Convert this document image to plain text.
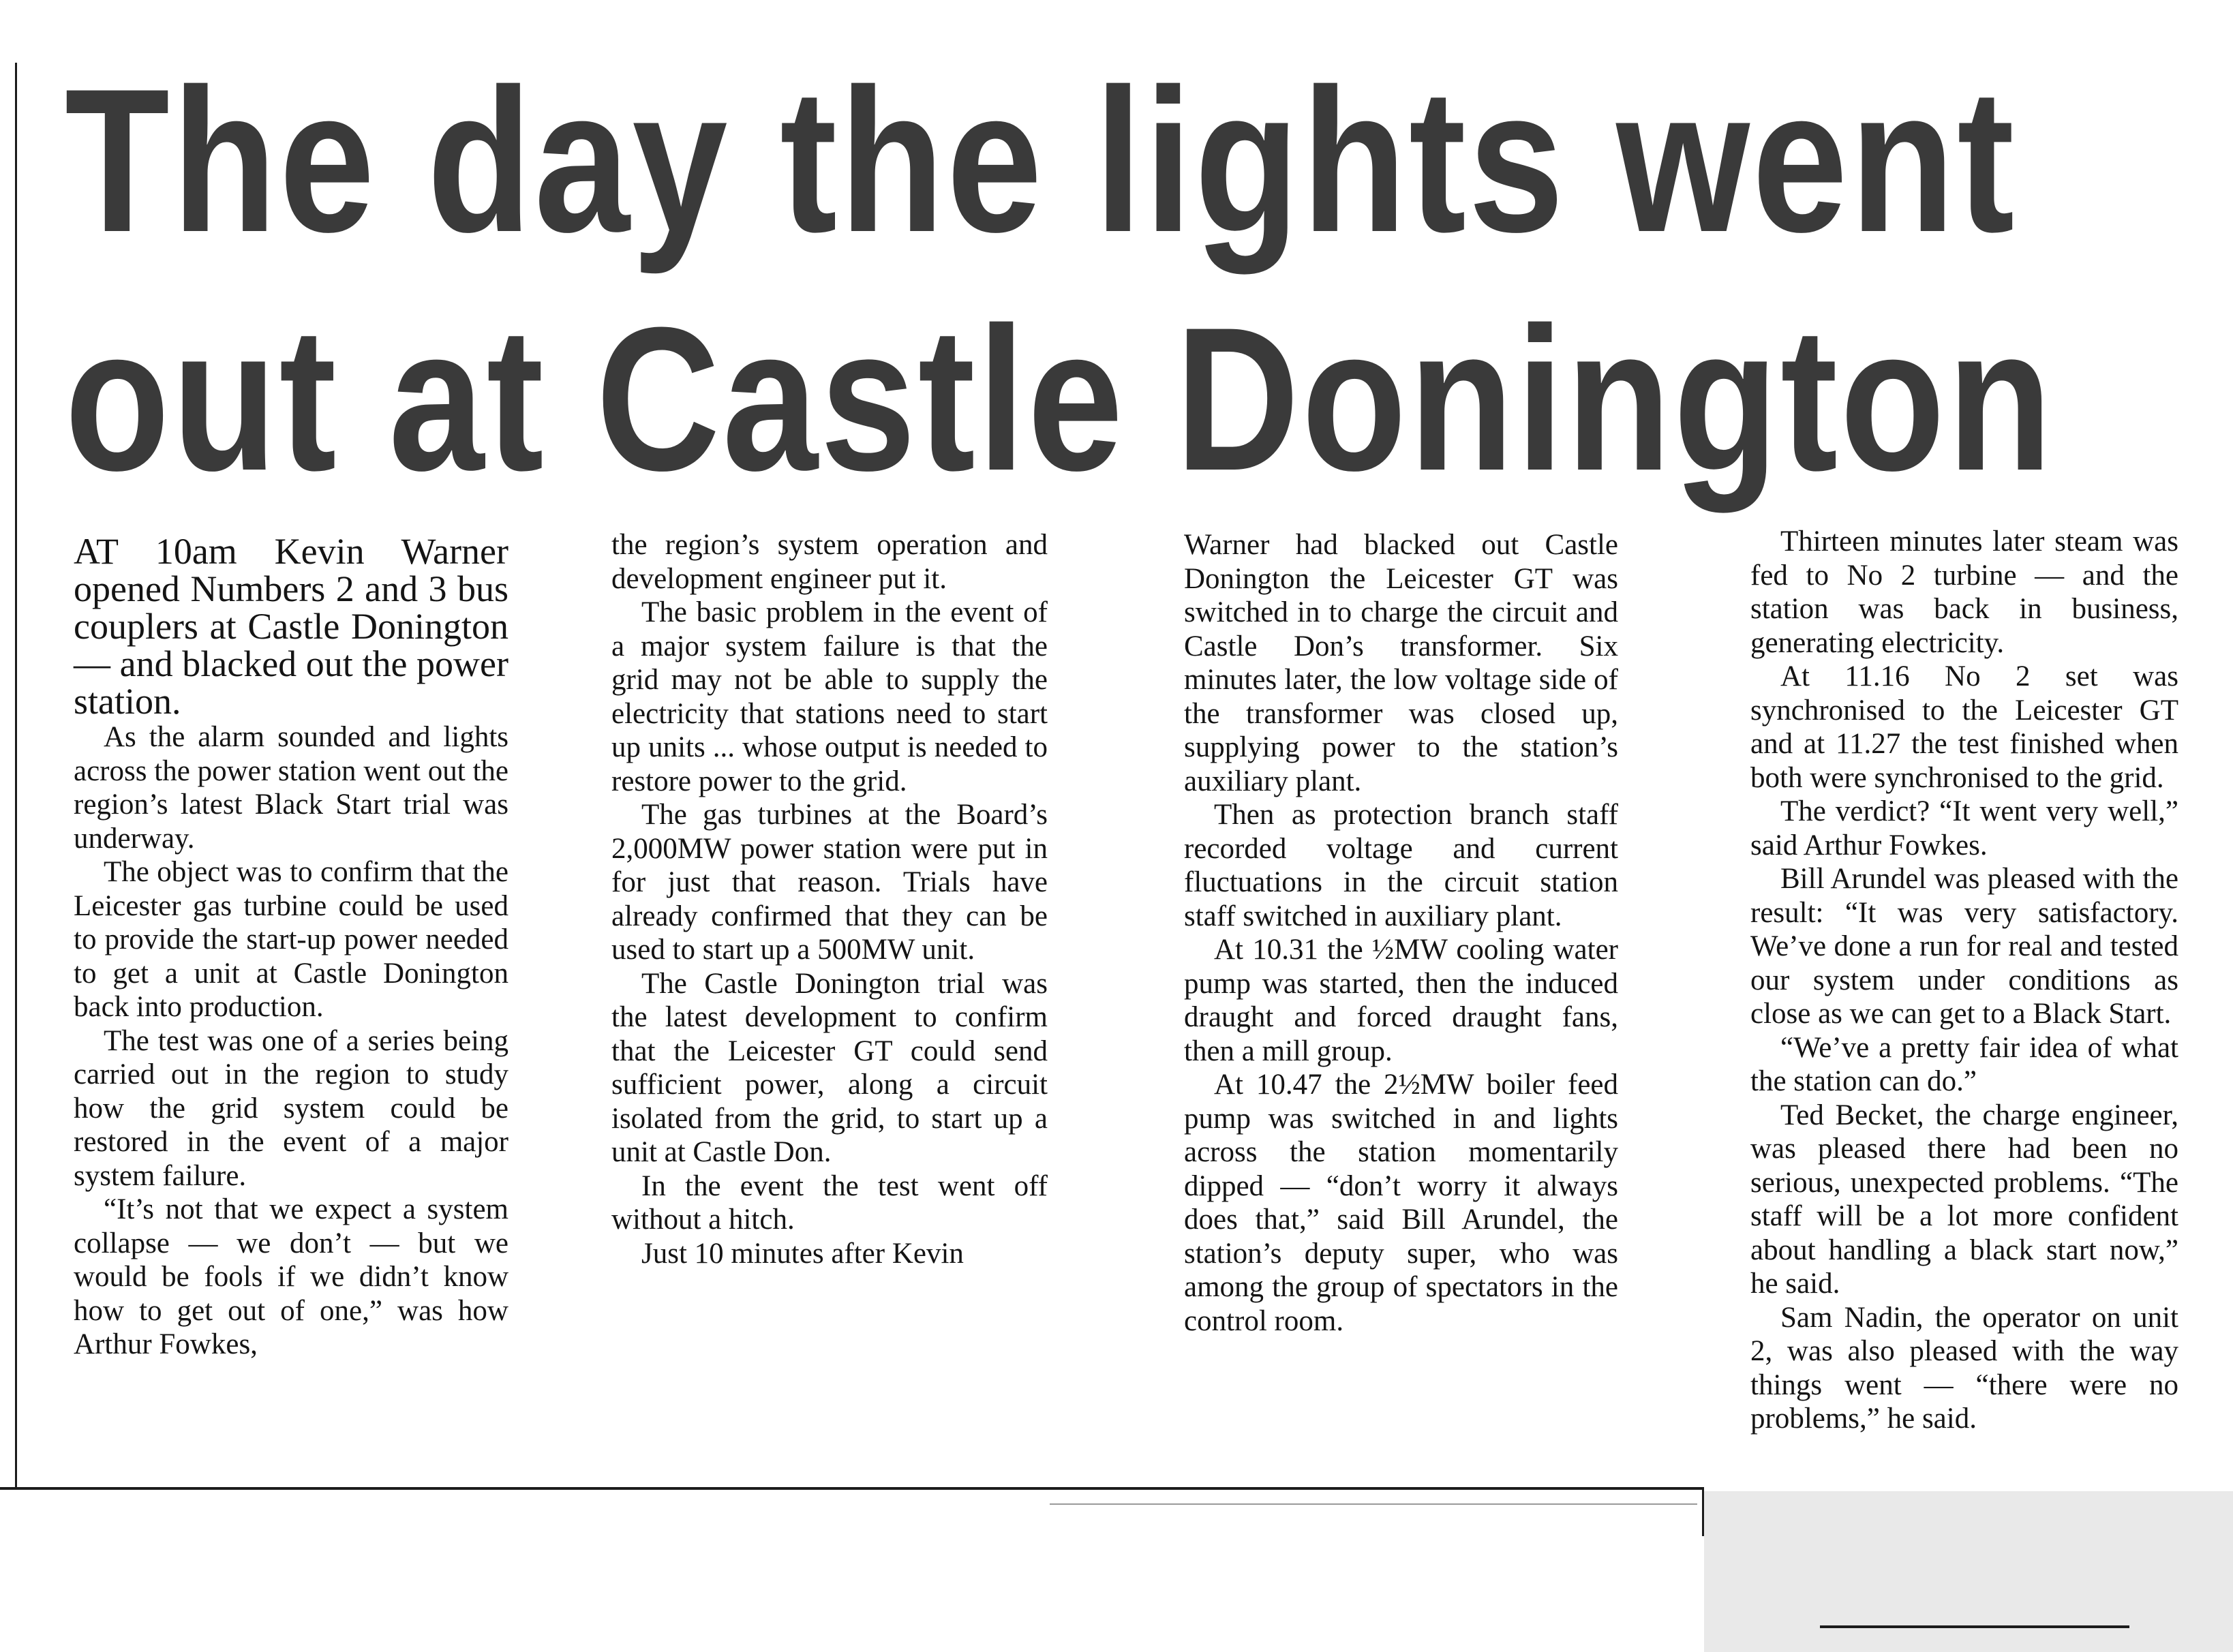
The day the lights went
out at Castle Donington

AT 10am Kevin Warner opened Numbers 2 and 3 bus couplers at Castle Donington — and blacked out the power station.

As the alarm sounded and lights across the power station went out the region’s latest Black Start trial was underway.

The object was to confirm that the Leicester gas turbine could be used to provide the start-up power needed to get a unit at Castle Donington back into production.

The test was one of a series being carried out in the region to study how the grid system could be restored in the event of a major system failure.

“It’s not that we expect a system collapse — we don’t — but we would be fools if we didn’t know how to get out of one,” was how Arthur Fowkes,

the region’s system operation and development engineer put it.

The basic problem in the event of a major system failure is that the grid may not be able to supply the electricity that stations need to start up units ... whose output is needed to restore power to the grid.

The gas turbines at the Board’s 2,000MW power station were put in for just that reason. Trials have already confirmed that they can be used to start up a 500MW unit.

The Castle Donington trial was the latest development to confirm that the Leicester GT could send sufficient power, along a circuit isolated from the grid, to start up a unit at Castle Don.

In the event the test went off without a hitch.

Just 10 minutes after Kevin

Warner had blacked out Castle Donington the Leicester GT was switched in to charge the circuit and Castle Don’s transformer. Six minutes later, the low voltage side of the transformer was closed up, supplying power to the station’s auxiliary plant.

Then as protection branch staff recorded voltage and current fluctuations in the circuit station staff switched in auxiliary plant.

At 10.31 the ½MW cooling water pump was started, then the induced draught and forced draught fans, then a mill group.

At 10.47 the 2½MW boiler feed pump was switched in and lights across the station momentarily dipped — “don’t worry it always does that,” said Bill Arundel, the station’s deputy super, who was among the group of spectators in the control room.

Thirteen minutes later steam was fed to No 2 turbine — and the station was back in business, generating electricity.

At 11.16 No 2 set was synchronised to the Leicester GT and at 11.27 the test finished when both were synchronised to the grid.

The verdict? “It went very well,” said Arthur Fowkes.

Bill Arundel was pleased with the result: “It was very satisfactory. We’ve done a run for real and tested our system under conditions as close as we can get to a Black Start.

“We’ve a pretty fair idea of what the station can do.”

Ted Becket, the charge engineer, was pleased there had been no serious, unexpected problems. “The staff will be a lot more confident about handling a black start now,” he said.

Sam Nadin, the operator on unit 2, was also pleased with the way things went — “there were no problems,” he said.
